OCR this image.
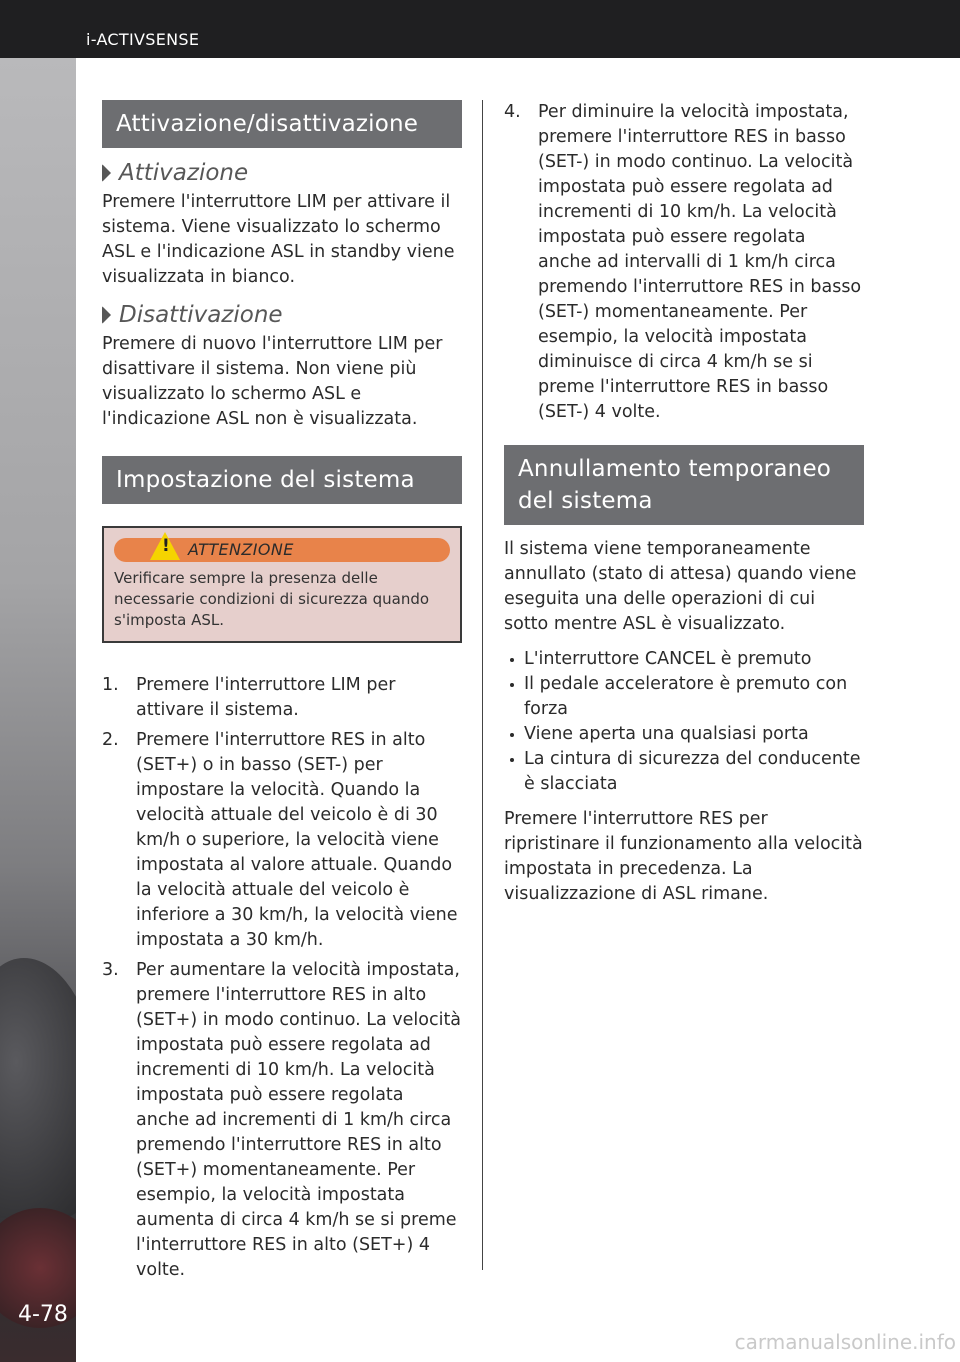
i-ACTIVSENSE
4-78
Attivazione/disattivazione
Attivazione

Premere l'interruttore LIM per attivare il sistema. Viene visualizzato lo schermo ASL e l'indicazione ASL in standby viene visualizzata in bianco.

Disattivazione

Premere di nuovo l'interruttore LIM per disattivare il sistema. Non viene più visualizzato lo schermo ASL e l'indicazione ASL non è visualizzata.

Impostazione del sistema
! ATTENZIONE

Verificare sempre la presenza delle necessarie condizioni di sicurezza quando s'imposta ASL.

1. Premere l'interruttore LIM per attivare il sistema.
2. Premere l'interruttore RES in alto (SET+) o in basso (SET-) per impostare la velocità. Quando la velocità attuale del veicolo è di 30 km/h o superiore, la velocità viene impostata al valore attuale. Quando la velocità attuale del veicolo è inferiore a 30 km/h, la velocità viene impostata a 30 km/h.
3. Per aumentare la velocità impostata, premere l'interruttore RES in alto (SET+) in modo continuo. La velocità impostata può essere regolata ad incrementi di 10 km/h. La velocità impostata può essere regolata anche ad incrementi di 1 km/h circa premendo l'interruttore RES in alto (SET+) momentaneamente. Per esempio, la velocità impostata aumenta di circa 4 km/h se si preme l'interruttore RES in alto (SET+) 4 volte.
4. Per diminuire la velocità impostata, premere l'interruttore RES in basso (SET-) in modo continuo. La velocità impostata può essere regolata ad incrementi di 10 km/h. La velocità impostata può essere regolata anche ad intervalli di 1 km/h circa premendo l'interruttore RES in basso (SET-) momentaneamente. Per esempio, la velocità impostata diminuisce di circa 4 km/h se si preme l'interruttore RES in basso (SET-) 4 volte.
Annullamento temporaneo del sistema

Il sistema viene temporaneamente annullato (stato di attesa) quando viene eseguita una delle operazioni di cui sotto mentre ASL è visualizzato.

L'interruttore CANCEL è premuto
Il pedale acceleratore è premuto con forza
Viene aperta una qualsiasi porta
La cintura di sicurezza del conducente è slacciata

Premere l'interruttore RES per ripristinare il funzionamento alla velocità impostata in precedenza. La visualizzazione di ASL rimane.

carmanualsonline.info
